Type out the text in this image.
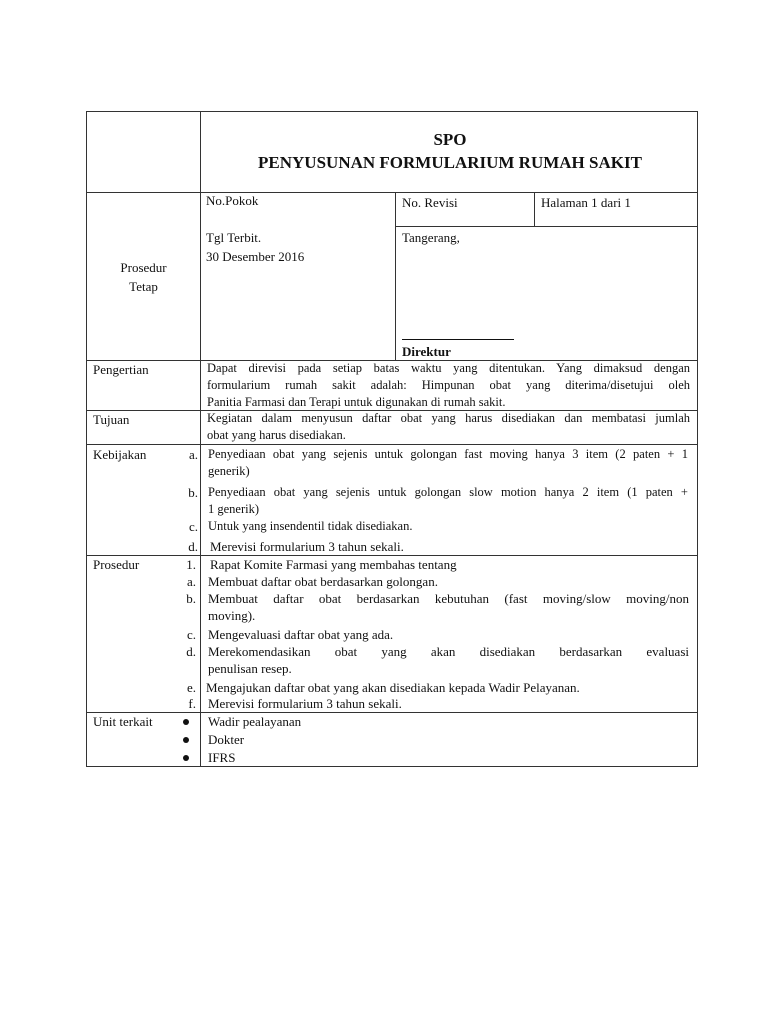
SPO
PENYUSUNAN FORMULARIUM RUMAH SAKIT
Prosedur
Tetap
No.Pokok	No. Revisi	Halaman 1 dari 1
Tgl Terbit.
30 Desember 2016
Tangerang,
Direktur
Pengertian	Dapat direvisi pada setiap batas waktu yang ditentukan. Yang dimaksud dengan
formularium rumah sakit adalah: Himpunan obat yang diterima/disetujui oleh
Panitia Farmasi dan Terapi untuk digunakan di rumah sakit.
Tujuan	Kegiatan dalam menyusun daftar obat yang harus disediakan dan membatasi jumlah
obat yang harus disediakan.
Kebijakan	a. Penyediaan obat yang sejenis untuk golongan fast moving hanya 3 item (2 paten + 1
generik)
b. Penyediaan obat yang sejenis untuk golongan slow motion hanya 2 item (1 paten +
1 generik)
c. Untuk yang insendentil tidak disediakan.
d. Merevisi formularium 3 tahun sekali.
Prosedur	1. Rapat Komite Farmasi yang membahas tentang
a. Membuat daftar obat berdasarkan golongan.
b. Membuat daftar obat berdasarkan kebutuhan (fast moving/slow moving/non
moving).
c. Mengevaluasi daftar obat yang ada.
d. Merekomendasikan obat yang akan disediakan berdasarkan evaluasi
penulisan resep.
e. Mengajukan daftar obat yang akan disediakan kepada Wadir Pelayanan.
f. Merevisi formularium 3 tahun sekali.
Unit terkait	Wadir pealayanan
Dokter
IFRS
